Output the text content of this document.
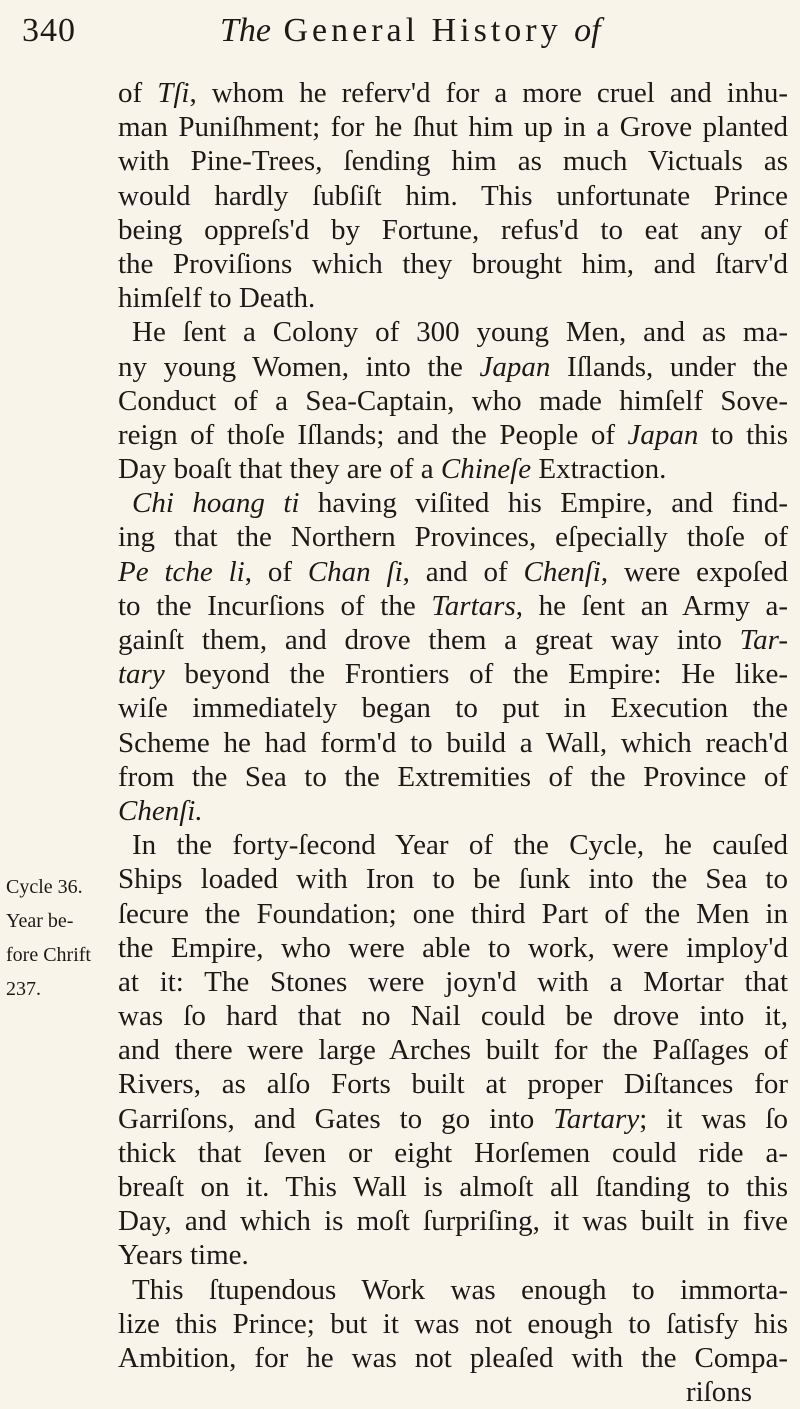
340	The General History of
Cycle 36.
Year be-
fore Chrift
237.
of Tſi, whom he referv'd for a more cruel and inhu-
man Puniſhment; for he ſhut him up in a Grove planted
with Pine-Trees, ſending him as much Victuals as
would hardly ſubſiſt him. This unfortunate Prince
being oppreſs'd by Fortune, refus'd to eat any of
the Proviſions which they brought him, and ſtarv'd
himſelf to Death.
He ſent a Colony of 300 young Men, and as ma-
ny young Women, into the Japan Iſlands, under the
Conduct of a Sea-Captain, who made himſelf Sove-
reign of thoſe Iſlands; and the People of Japan to this
Day boaſt that they are of a Chineſe Extraction.
Chi hoang ti having viſited his Empire, and find-
ing that the Northern Provinces, eſpecially thoſe of
Pe tche li, of Chan ſi, and of Chenſi, were expoſed
to the Incurſions of the Tartars, he ſent an Army a-
gainſt them, and drove them a great way into Tar-
tary beyond the Frontiers of the Empire: He like-
wiſe immediately began to put in Execution the
Scheme he had form'd to build a Wall, which reach'd
from the Sea to the Extremities of the Province of
Chenſi.
In the forty-ſecond Year of the Cycle, he cauſed
Ships loaded with Iron to be ſunk into the Sea to
ſecure the Foundation; one third Part of the Men in
the Empire, who were able to work, were imploy'd
at it: The Stones were joyn'd with a Mortar that
was ſo hard that no Nail could be drove into it,
and there were large Arches built for the Paſſages of
Rivers, as alſo Forts built at proper Diſtances for
Garriſons, and Gates to go into Tartary; it was ſo
thick that ſeven or eight Horſemen could ride a-
breaſt on it. This Wall is almoſt all ſtanding to this
Day, and which is moſt ſurpriſing, it was built in five
Years time.
This ſtupendous Work was enough to immorta-
lize this Prince; but it was not enough to ſatisfy his
Ambition, for he was not pleaſed with the Compa-
riſons
